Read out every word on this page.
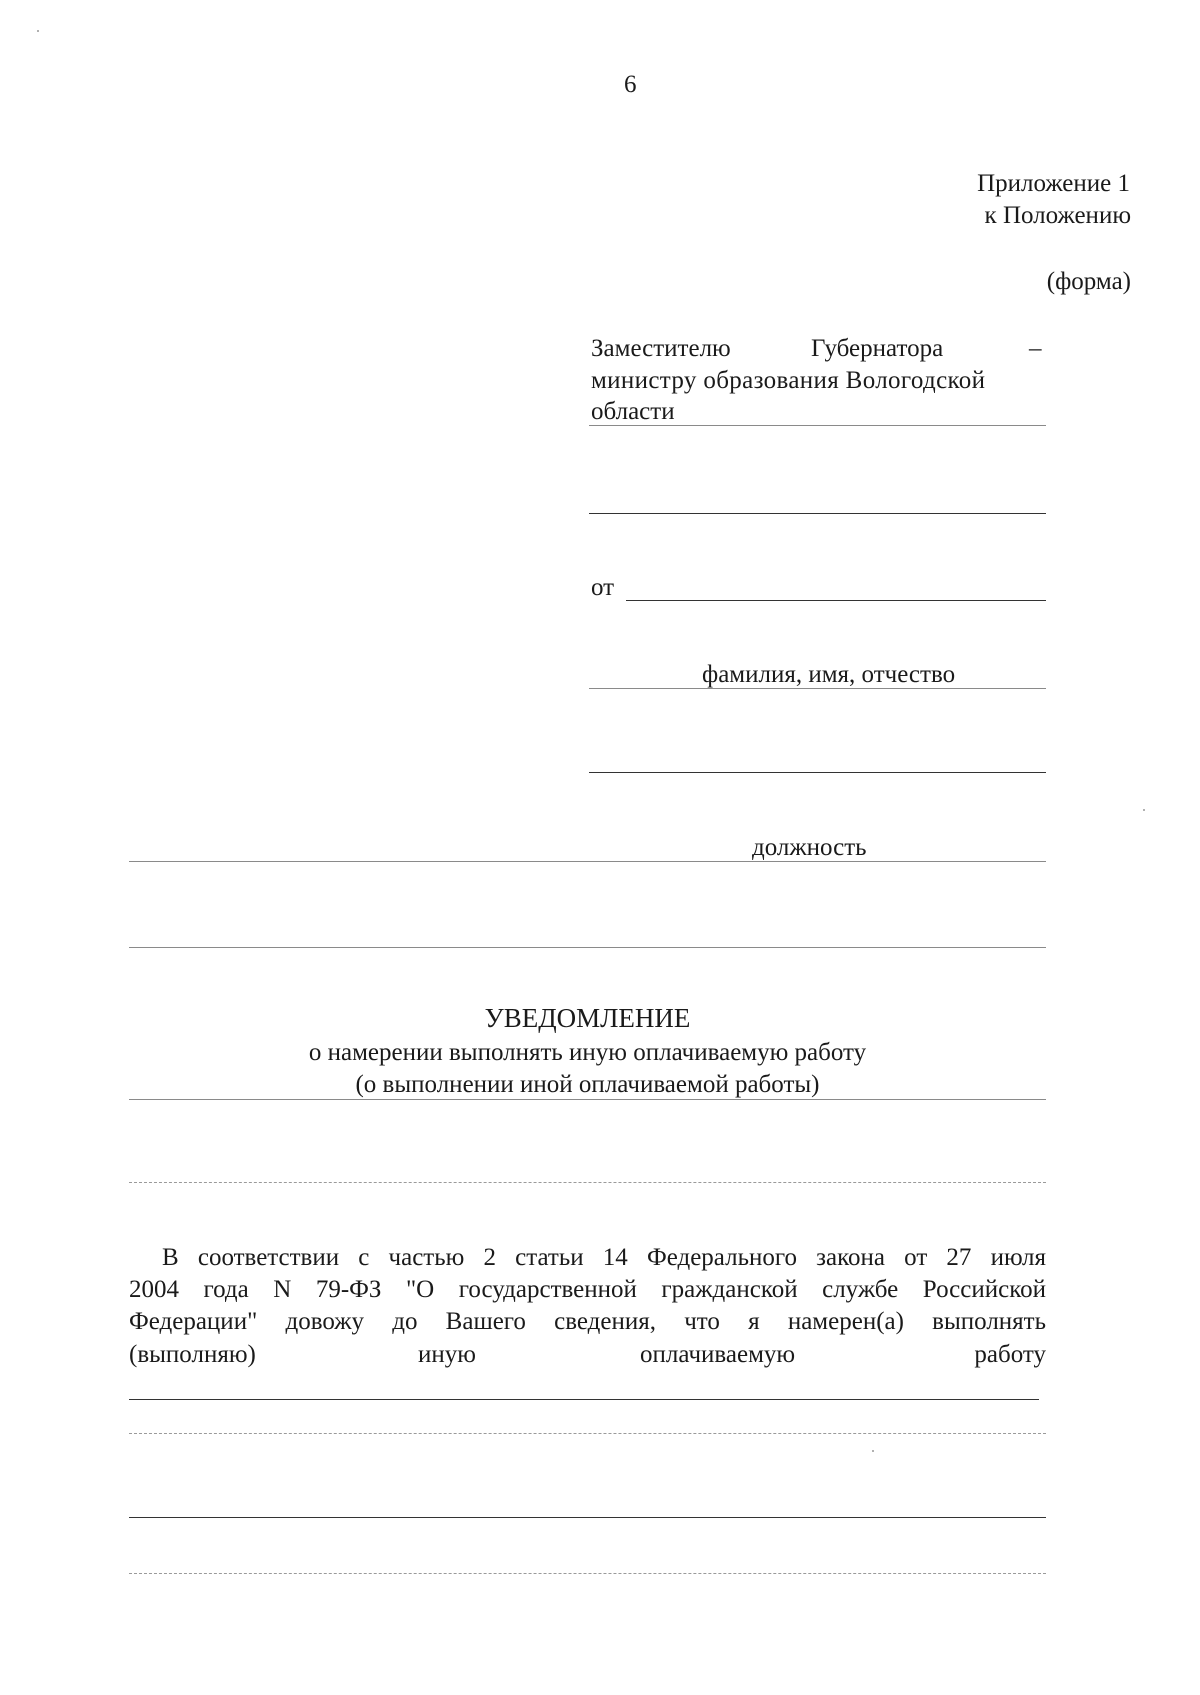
6
Приложение 1
к Положению
(форма)
Заместителю	Губернатора	–
министру образования Вологодской
области
от
фамилия, имя, отчество
должность
УВЕДОМЛЕНИЕ
о намерении выполнять иную оплачиваемую работу
(о выполнении иной оплачиваемой работы)
В соответствии с частью 2 статьи 14 Федерального закона от 27 июля
2004 года N 79-ФЗ "О государственной гражданской службе Российской
Федерации" довожу до Вашего сведения, что я намерен(а) выполнять
(выполняю)	иную	оплачиваемую	работу
